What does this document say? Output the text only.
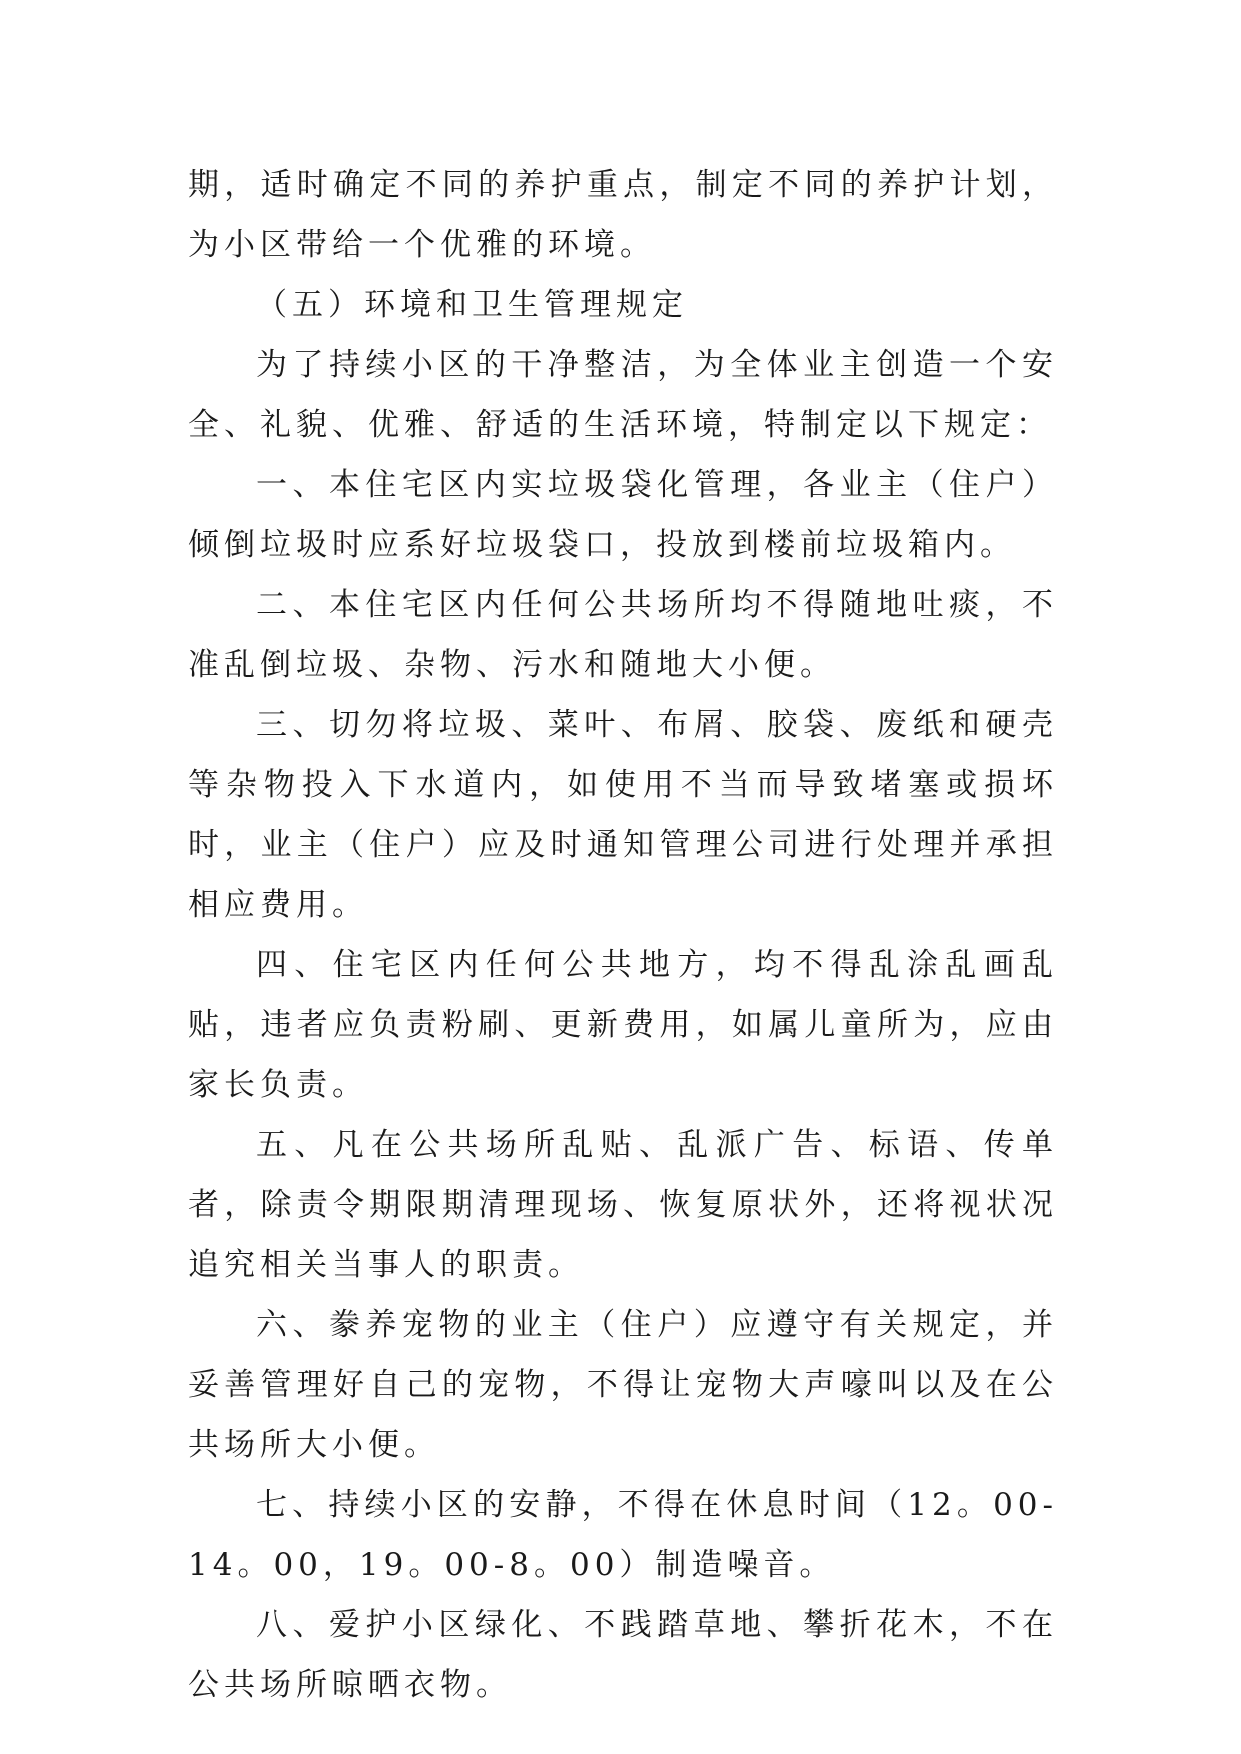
期，适时确定不同的养护重点，制定不同的养护计划，为小区带给一个优雅的环境。

（五）环境和卫生管理规定

为了持续小区的干净整洁，为全体业主创造一个安全、礼貌、优雅、舒适的生活环境，特制定以下规定：

一、本住宅区内实垃圾袋化管理，各业主（住户）倾倒垃圾时应系好垃圾袋口，投放到楼前垃圾箱内。

二、本住宅区内任何公共场所均不得随地吐痰，不准乱倒垃圾、杂物、污水和随地大小便。

三、切勿将垃圾、菜叶、布屑、胶袋、废纸和硬壳等杂物投入下水道内，如使用不当而导致堵塞或损坏时，业主（住户）应及时通知管理公司进行处理并承担相应费用。

四、住宅区内任何公共地方，均不得乱涂乱画乱贴，违者应负责粉刷、更新费用，如属儿童所为，应由家长负责。

五、凡在公共场所乱贴、乱派广告、标语、传单者，除责令期限期清理现场、恢复原状外，还将视状况追究相关当事人的职责。

六、豢养宠物的业主（住户）应遵守有关规定，并妥善管理好自己的宠物，不得让宠物大声嚎叫以及在公共场所大小便。

七、持续小区的安静，不得在休息时间（12。00-14。00，19。00-8。00）制造噪音。

八、爱护小区绿化、不践踏草地、攀折花木，不在公共场所晾晒衣物。
